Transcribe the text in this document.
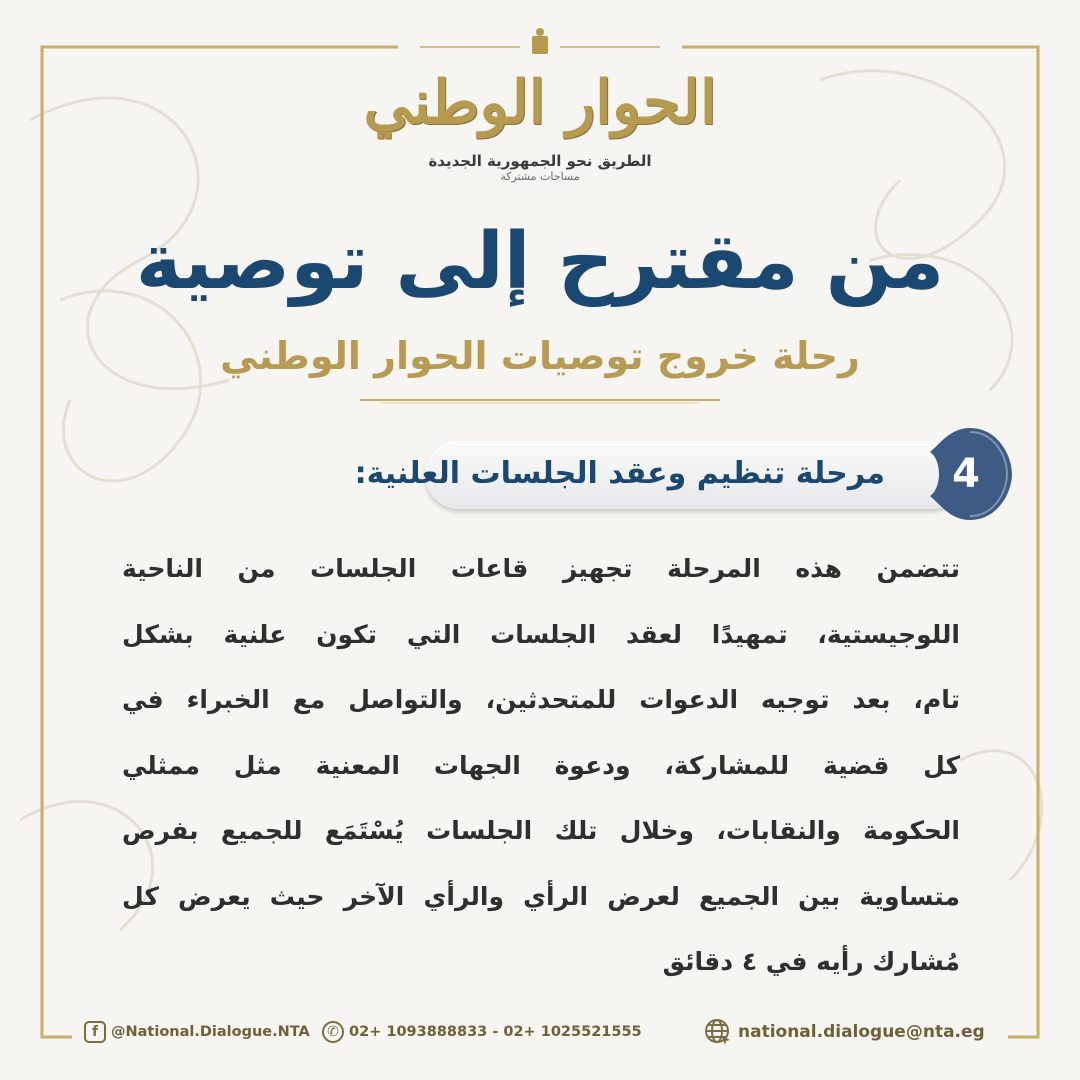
الحوار الوطني
الطريق نحو الجمهورية الجديدة
مساحات مشتركة
من مقترح إلى توصية
رحلة خروج توصيات الحوار الوطني
مرحلة تنظيم وعقد الجلسات العلنية:	4
تتضمن هذه المرحلة تجهيز قاعات الجلسات من الناحية
اللوجيستية، تمهيدًا لعقد الجلسات التي تكون علنية بشكل
تام، بعد توجيه الدعوات للمتحدثين، والتواصل مع الخبراء في
كل قضية للمشاركة، ودعوة الجهات المعنية مثل ممثلي
الحكومة والنقابات، وخلال تلك الجلسات يُسْتَمَع للجميع بفرص
متساوية بين الجميع لعرض الرأي والرأي الآخر حيث يعرض كل
مُشارك رأيه في ٤ دقائق
f @National.Dialogue.NTA	✆ 02+ 1093888833 - 02+ 1025521555	national.dialogue@nta.eg
